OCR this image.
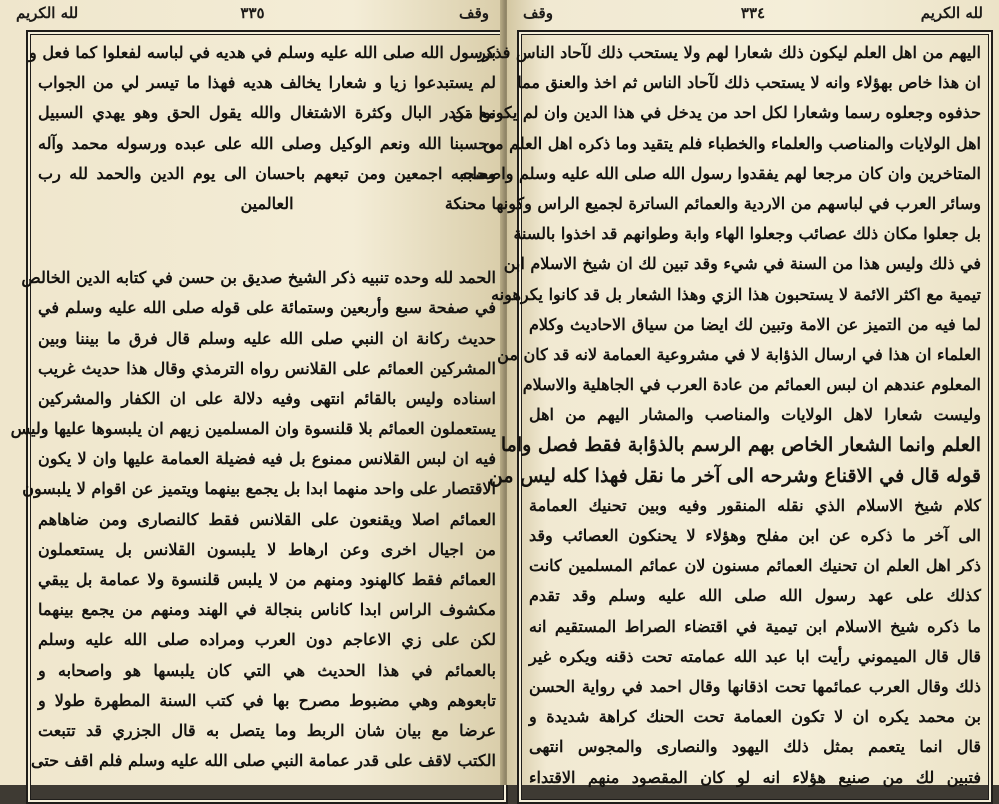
وقف
٣٣٥
لله الكريم
برسول الله صلى الله عليه وسلم في هديه في لباسه لفعلوا كما فعل و
لم يستبدعوا زيا و شعارا يخالف هديه فهذا ما تيسر لي من الجواب
مع تكدر البال وكثرة الاشتغال والله يقول الحق وهو يهدي السبيل
وحسبنا الله ونعم الوكيل وصلى الله على عبده ورسوله محمد وآله
وصحبه اجمعين ومن تبعهم باحسان الى يوم الدين والحمد لله رب
العالمين
الحمد لله وحده تنبيه ذكر الشيخ صديق بن حسن في كتابه الدين الخالص
في صفحة سبع وأربعين وستمائة على قوله صلى الله عليه وسلم في
حديث ركانة ان النبي صلى الله عليه وسلم قال فرق ما بيننا وبين
المشركين العمائم على القلانس رواه الترمذي وقال هذا حديث غريب
اسناده وليس بالقائم انتهى وفيه دلالة على ان الكفار والمشركين
يستعملون العمائم بلا قلنسوة وان المسلمين زيهم ان يلبسوها عليها وليس
فيه ان لبس القلانس ممنوع بل فيه فضيلة العمامة عليها وان لا يكون
الاقتصار على واحد منهما ابدا بل يجمع بينهما ويتميز عن اقوام لا يلبسون
العمائم اصلا ويقنعون على القلانس فقط كالنصارى ومن ضاهاهم
من اجيال اخرى وعن ارهاط لا يلبسون القلانس بل يستعملون
العمائم فقط كالهنود ومنهم من لا يلبس قلنسوة ولا عمامة بل يبقي
مكشوف الراس ابدا كاناس بنجالة في الهند ومنهم من يجمع بينهما
لكن على زي الاعاجم دون العرب ومراده صلى الله عليه وسلم
بالعمائم في هذا الحديث هي التي كان يلبسها هو واصحابه و
تابعوهم وهي مضبوط مصرح بها في كتب السنة المطهرة طولا و
عرضا مع بيان شان الربط وما يتصل به قال الجزري قد تتبعت
الكتب لاقف على قدر عمامة النبي صلى الله عليه وسلم فلم اقف حتى
وقف	٣٣٤	لله الكريم
اليهم من اهل العلم ليكون ذلك شعارا لهم ولا يستحب ذلك لآحاد الناس فذكر
ان هذا خاص بهؤلاء وانه لا يستحب ذلك لآحاد الناس ثم اخذ والعنق مما
حذفوه وجعلوه رسما وشعارا لكل احد من يدخل في هذا الدين وان لم يكونوا من
اهل الولايات والمناصب والعلماء والخطباء فلم يتقيد وما ذكره اهل العلم من
المتاخرين وان كان مرجعا لهم يفقدوا رسول الله صلى الله عليه وسلم واصحابه
وسائر العرب في لباسهم من الاردية والعمائم الساترة لجميع الراس وكونها محنكة
بل جعلوا مكان ذلك عصائب وجعلوا الهاء وابة وطوانهم قد اخذوا بالسنة
في ذلك وليس هذا من السنة في شيء وقد تبين لك ان شيخ الاسلام ابن
تيمية مع اكثر الائمة لا يستحبون هذا الزي وهذا الشعار بل قد كانوا يكرهونه
لما فيه من التميز عن الامة وتبين لك ايضا من سياق الاحاديث وكلام
العلماء ان هذا في ارسال الذؤابة لا في مشروعية العمامة لانه قد كان من
المعلوم عندهم ان لبس العمائم من عادة العرب في الجاهلية والاسلام
وليست شعارا لاهل الولايات والمناصب والمشار اليهم من اهل
العلم وانما الشعار الخاص بهم الرسم بالذؤابة فقط فصل واما
قوله قال في الاقناع وشرحه الى آخر ما نقل فهذا كله ليس من
كلام شيخ الاسلام الذي نقله المنقور وفيه وبين تحنيك العمامة
الى آخر ما ذكره عن ابن مفلح وهؤلاء لا يحنكون العصائب وقد
ذكر اهل العلم ان تحنيك العمائم مسنون لان عمائم المسلمين كانت
كذلك على عهد رسول الله صلى الله عليه وسلم وقد تقدم
ما ذكره شيخ الاسلام ابن تيمية في اقتضاء الصراط المستقيم انه
قال قال الميموني رأيت ابا عبد الله عمامته تحت ذقنه ويكره غير
ذلك وقال العرب عمائمها تحت اذقانها وقال احمد في رواية الحسن
بن محمد يكره ان لا تكون العمامة تحت الحنك كراهة شديدة و
قال انما يتعمم بمثل ذلك اليهود والنصارى والمجوس انتهى
فتبين لك من صنيع هؤلاء انه لو كان المقصود منهم الاقتداء
